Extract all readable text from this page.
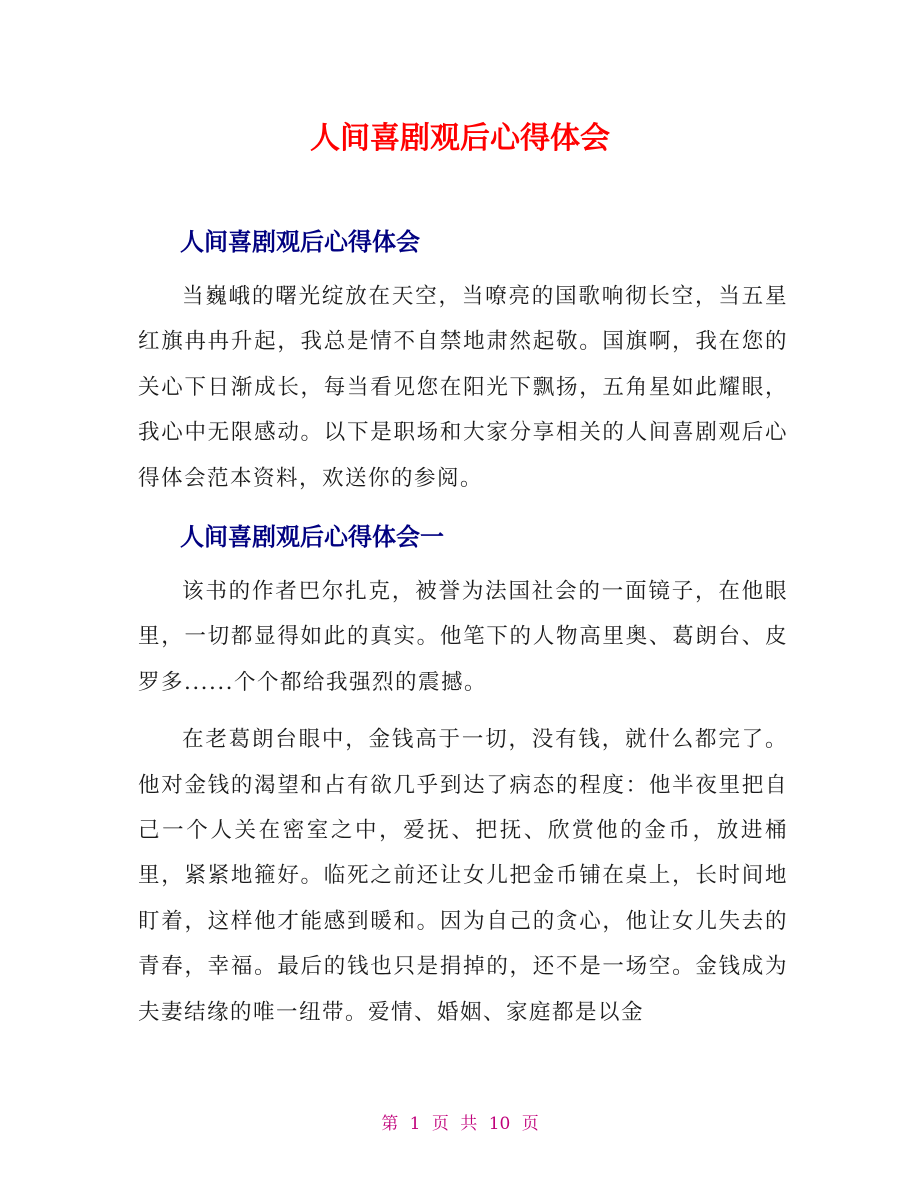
人间喜剧观后心得体会
人间喜剧观后心得体会

当巍峨的曙光绽放在天空，当嘹亮的国歌响彻长空，当五星红旗冉冉升起，我总是情不自禁地肃然起敬。国旗啊，我在您的关心下日渐成长，每当看见您在阳光下飘扬，五角星如此耀眼，我心中无限感动。以下是职场和大家分享相关的人间喜剧观后心得体会范本资料，欢送你的参阅。

人间喜剧观后心得体会一

该书的作者巴尔扎克，被誉为法国社会的一面镜子，在他眼里，一切都显得如此的真实。他笔下的人物高里奥、葛朗台、皮罗多......个个都给我强烈的震撼。

在老葛朗台眼中，金钱高于一切，没有钱，就什么都完了。他对金钱的渴望和占有欲几乎到达了病态的程度：他半夜里把自己一个人关在密室之中，爱抚、把抚、欣赏他的金币，放进桶里，紧紧地箍好。临死之前还让女儿把金币铺在桌上，长时间地盯着，这样他才能感到暖和。因为自己的贪心，他让女儿失去的青春，幸福。最后的钱也只是捐掉的，还不是一场空。金钱成为夫妻结缘的唯一纽带。爱情、婚姻、家庭都是以金

第 1 页 共 10 页
